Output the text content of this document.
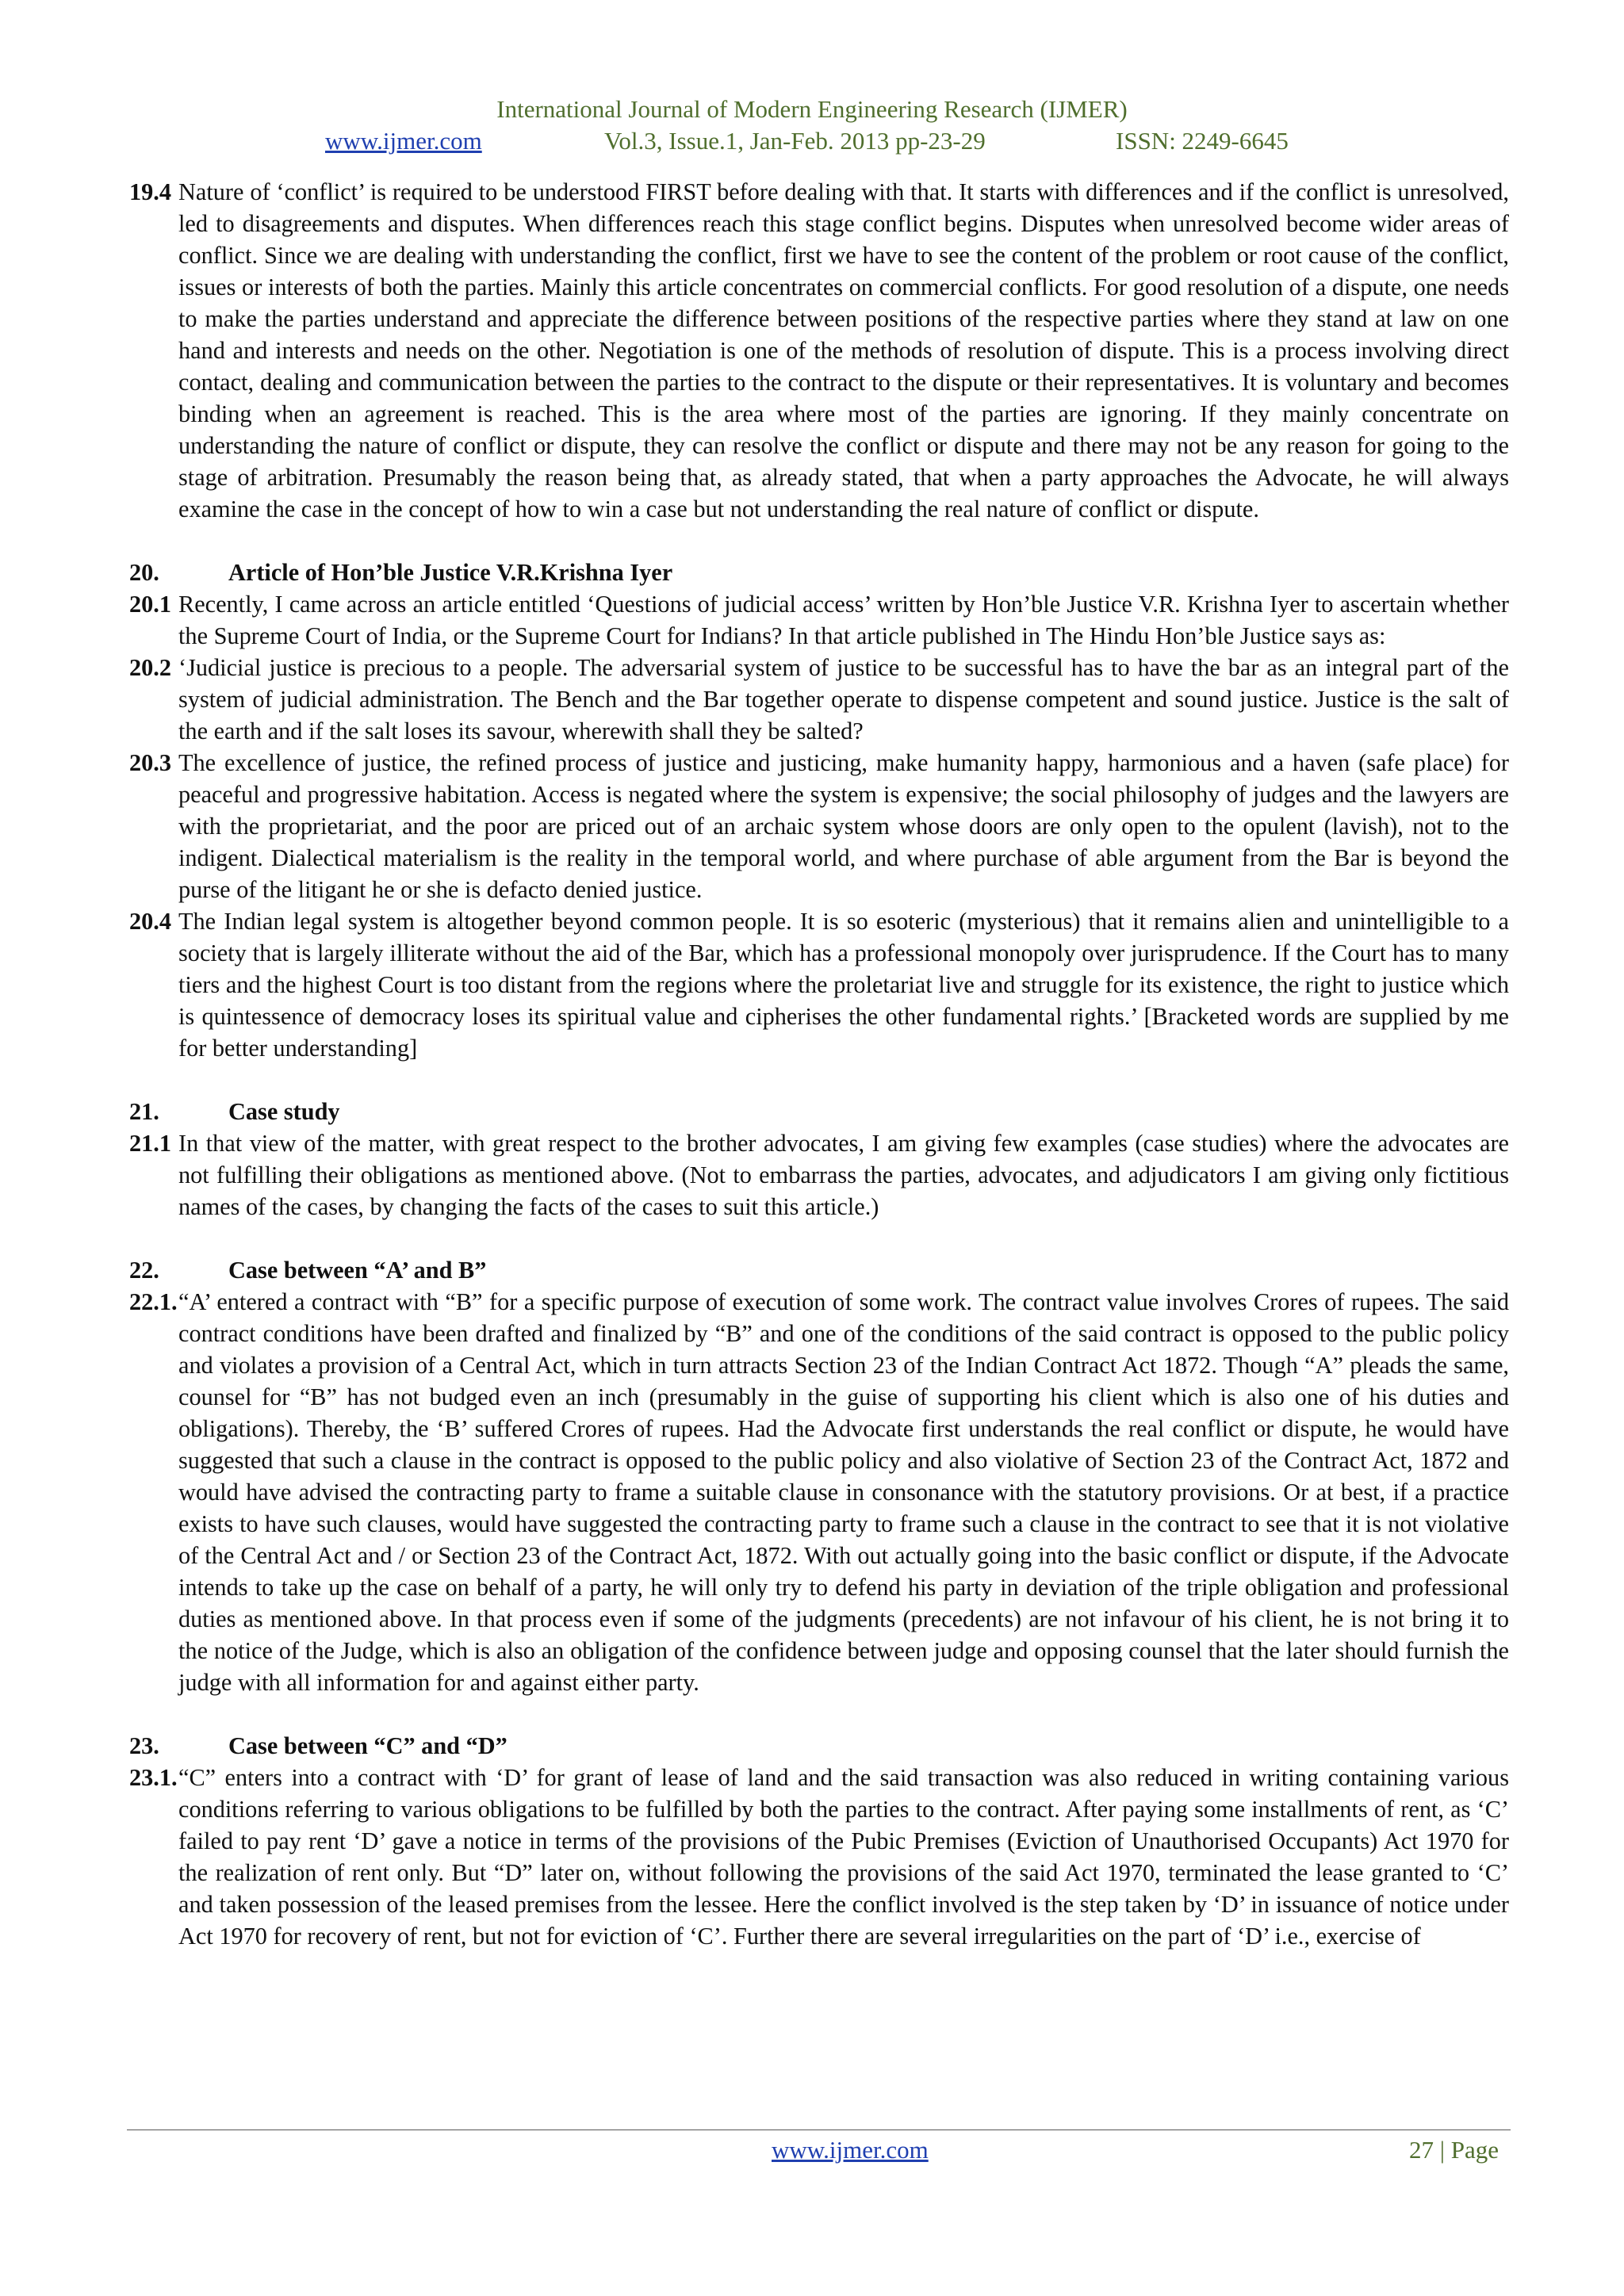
International Journal of Modern Engineering Research (IJMER)
www.ijmer.com	Vol.3, Issue.1, Jan-Feb. 2013 pp-23-29	ISSN: 2249-6645

19.4 Nature of ‘conflict’ is required to be understood FIRST before dealing with that. It starts with differences and if the conflict is unresolved, led to disagreements and disputes. When differences reach this stage conflict begins. Disputes when unresolved become wider areas of conflict. Since we are dealing with understanding the conflict, first we have to see the content of the problem or root cause of the conflict, issues or interests of both the parties. Mainly this article concentrates on commercial conflicts. For good resolution of a dispute, one needs to make the parties understand and appreciate the difference between positions of the respective parties where they stand at law on one hand and interests and needs on the other. Negotiation is one of the methods of resolution of dispute. This is a process involving direct contact, dealing and communication between the parties to the contract to the dispute or their representatives. It is voluntary and becomes binding when an agreement is reached. This is the area where most of the parties are ignoring. If they mainly concentrate on understanding the nature of conflict or dispute, they can resolve the conflict or dispute and there may not be any reason for going to the stage of arbitration. Presumably the reason being that, as already stated, that when a party approaches the Advocate, he will always examine the case in the concept of how to win a case but not understanding the real nature of conflict or dispute.

20.	Article of Hon’ble Justice V.R.Krishna Iyer

20.1 Recently, I came across an article entitled ‘Questions of judicial access’ written by Hon’ble Justice V.R. Krishna Iyer to ascertain whether the Supreme Court of India, or the Supreme Court for Indians? In that article published in The Hindu Hon’ble Justice says as:

20.2 ‘Judicial justice is precious to a people. The adversarial system of justice to be successful has to have the bar as an integral part of the system of judicial administration. The Bench and the Bar together operate to dispense competent and sound justice. Justice is the salt of the earth and if the salt loses its savour, wherewith shall they be salted?

20.3 The excellence of justice, the refined process of justice and justicing, make humanity happy, harmonious and a haven (safe place) for peaceful and progressive habitation. Access is negated where the system is expensive; the social philosophy of judges and the lawyers are with the proprietariat, and the poor are priced out of an archaic system whose doors are only open to the opulent (lavish), not to the indigent. Dialectical materialism is the reality in the temporal world, and where purchase of able argument from the Bar is beyond the purse of the litigant he or she is defacto denied justice.

20.4 The Indian legal system is altogether beyond common people. It is so esoteric (mysterious) that it remains alien and unintelligible to a society that is largely illiterate without the aid of the Bar, which has a professional monopoly over jurisprudence. If the Court has to many tiers and the highest Court is too distant from the regions where the proletariat live and struggle for its existence, the right to justice which is quintessence of democracy loses its spiritual value and cipherises the other fundamental rights.’ [Bracketed words are supplied by me for better understanding]

21.	Case study

21.1 In that view of the matter, with great respect to the brother advocates, I am giving few examples (case studies) where the advocates are not fulfilling their obligations as mentioned above. (Not to embarrass the parties, advocates, and adjudicators I am giving only fictitious names of the cases, by changing the facts of the cases to suit this article.)

22.	Case between “A’ and B”

22.1. “A’ entered a contract with “B” for a specific purpose of execution of some work. The contract value involves Crores of rupees. The said contract conditions have been drafted and finalized by “B” and one of the conditions of the said contract is opposed to the public policy and violates a provision of a Central Act, which in turn attracts Section 23 of the Indian Contract Act 1872. Though “A” pleads the same, counsel for “B” has not budged even an inch (presumably in the guise of supporting his client which is also one of his duties and obligations). Thereby, the ‘B’ suffered Crores of rupees. Had the Advocate first understands the real conflict or dispute, he would have suggested that such a clause in the contract is opposed to the public policy and also violative of Section 23 of the Contract Act, 1872 and would have advised the contracting party to frame a suitable clause in consonance with the statutory provisions. Or at best, if a practice exists to have such clauses, would have suggested the contracting party to frame such a clause in the contract to see that it is not violative of the Central Act and / or Section 23 of the Contract Act, 1872. With out actually going into the basic conflict or dispute, if the Advocate intends to take up the case on behalf of a party, he will only try to defend his party in deviation of the triple obligation and professional duties as mentioned above. In that process even if some of the judgments (precedents) are not infavour of his client, he is not bring it to the notice of the Judge, which is also an obligation of the confidence between judge and opposing counsel that the later should furnish the judge with all information for and against either party.

23.	Case between “C” and “D”

23.1. “C” enters into a contract with ‘D’ for grant of lease of land and the said transaction was also reduced in writing containing various conditions referring to various obligations to be fulfilled by both the parties to the contract. After paying some installments of rent, as ‘C’ failed to pay rent ‘D’ gave a notice in terms of the provisions of the Pubic Premises (Eviction of Unauthorised Occupants) Act 1970 for the realization of rent only. But “D” later on, without following the provisions of the said Act 1970, terminated the lease granted to ‘C’ and taken possession of the leased premises from the lessee. Here the conflict involved is the step taken by ‘D’ in issuance of notice under Act 1970 for recovery of rent, but not for eviction of ‘C’. Further there are several irregularities on the part of ‘D’ i.e., exercise of

www.ijmer.com	27 | Page
